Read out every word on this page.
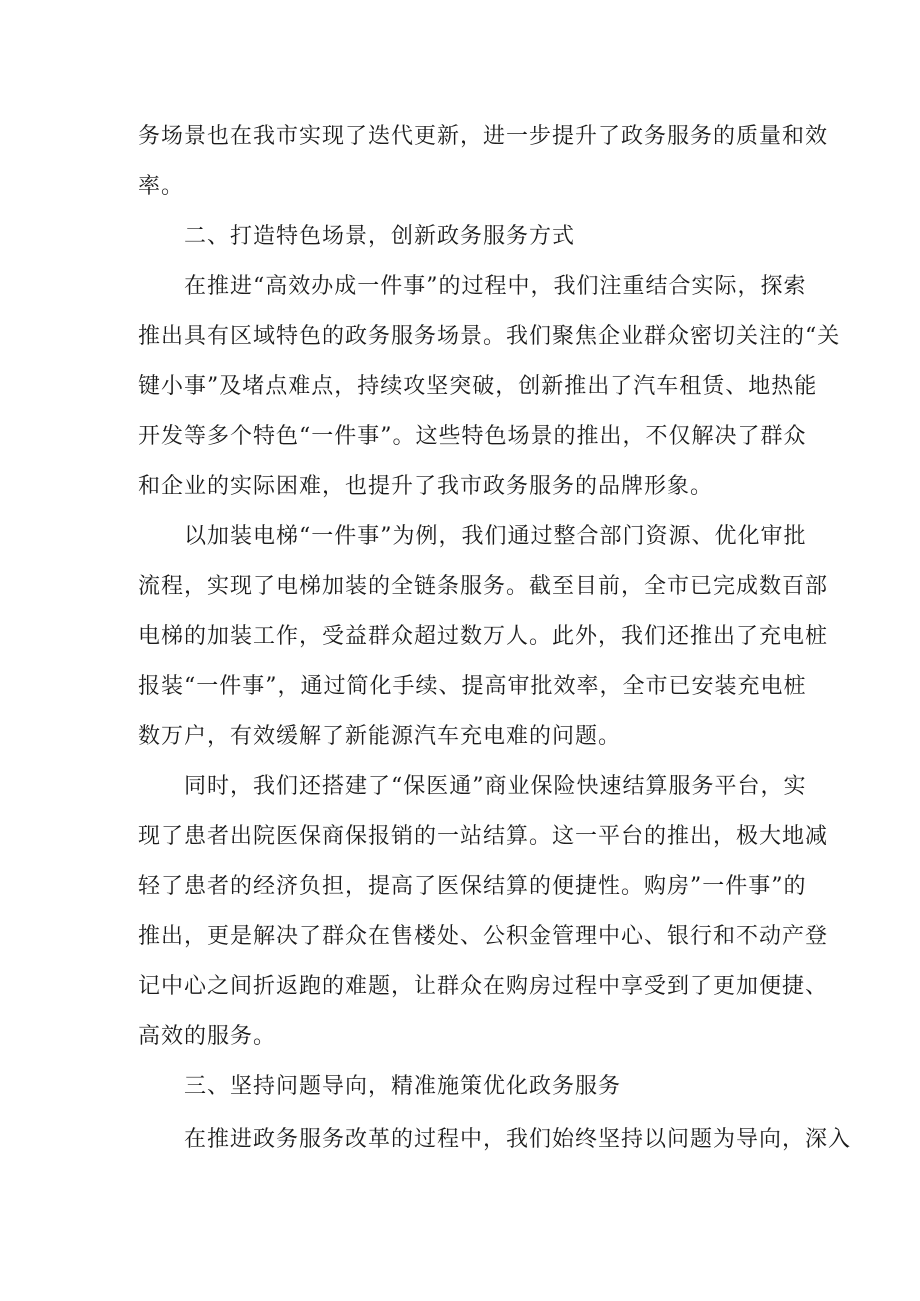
务场景也在我市实现了迭代更新，进一步提升了政务服务的质量和效
率。
二、打造特色场景，创新政务服务方式
在推进“高效办成一件事”的过程中，我们注重结合实际，探索
推出具有区域特色的政务服务场景。我们聚焦企业群众密切关注的“关
键小事”及堵点难点，持续攻坚突破，创新推出了汽车租赁、地热能
开发等多个特色“一件事”。这些特色场景的推出，不仅解决了群众
和企业的实际困难，也提升了我市政务服务的品牌形象。
以加装电梯“一件事”为例，我们通过整合部门资源、优化审批
流程，实现了电梯加装的全链条服务。截至目前，全市已完成数百部
电梯的加装工作，受益群众超过数万人。此外，我们还推出了充电桩
报装“一件事”，通过简化手续、提高审批效率，全市已安装充电桩
数万户，有效缓解了新能源汽车充电难的问题。
同时，我们还搭建了“保医通”商业保险快速结算服务平台，实
现了患者出院医保商保报销的一站结算。这一平台的推出，极大地减
轻了患者的经济负担，提高了医保结算的便捷性。购房”一件事”的
推出，更是解决了群众在售楼处、公积金管理中心、银行和不动产登
记中心之间折返跑的难题，让群众在购房过程中享受到了更加便捷、
高效的服务。
三、坚持问题导向，精准施策优化政务服务
在推进政务服务改革的过程中，我们始终坚持以问题为导向，深入
